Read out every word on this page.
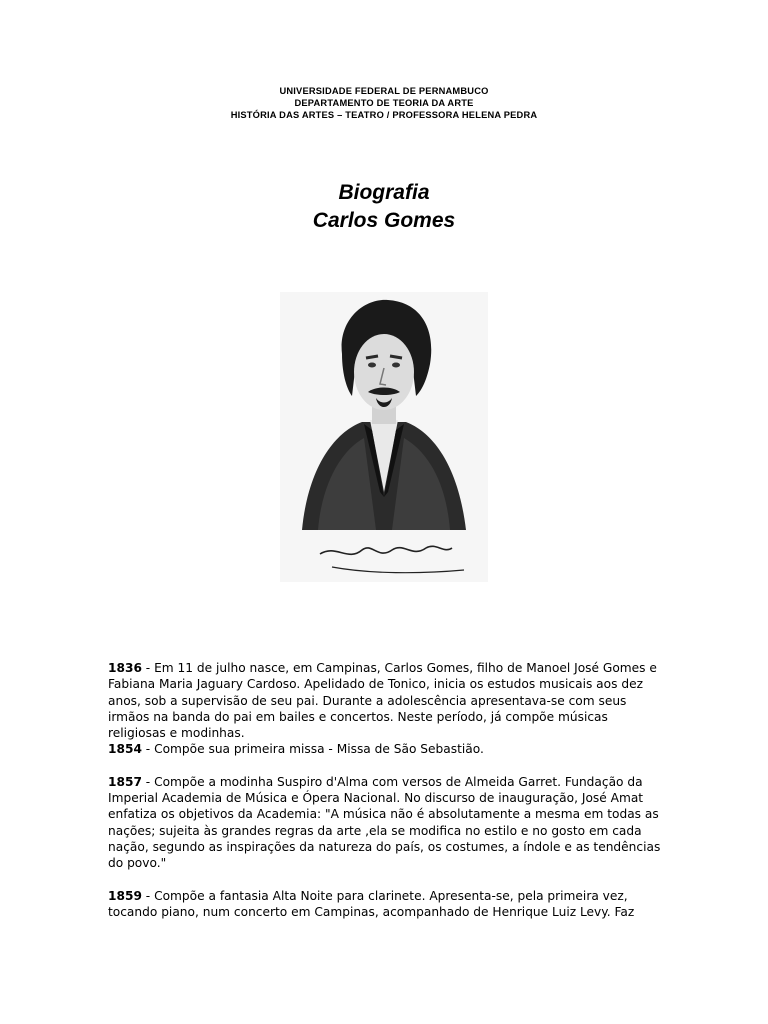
UNIVERSIDADE FEDERAL DE PERNAMBUCO
DEPARTAMENTO DE TEORIA DA ARTE
HISTÓRIA DAS ARTES – TEATRO / PROFESSORA HELENA PEDRA
Biografia
Carlos Gomes

1836 - Em 11 de julho nasce, em Campinas, Carlos Gomes, filho de Manoel José Gomes e Fabiana Maria Jaguary Cardoso. Apelidado de Tonico, inicia os estudos musicais aos dez anos, sob a supervisão de seu pai. Durante a adolescência apresentava-se com seus irmãos na banda do pai em bailes e concertos. Neste período, já compõe músicas religiosas e modinhas.

1854 - Compõe sua primeira missa - Missa de São Sebastião.

1857 - Compõe a modinha Suspiro d'Alma com versos de Almeida Garret. Fundação da Imperial Academia de Música e Ópera Nacional. No discurso de inauguração, José Amat enfatiza os objetivos da Academia: "A música não é absolutamente a mesma em todas as nações; sujeita às grandes regras da arte ,ela se modifica no estilo e no gosto em cada nação, segundo as inspirações da natureza do país, os costumes, a índole e as tendências do povo."

1859 - Compõe a fantasia Alta Noite para clarinete. Apresenta-se, pela primeira vez, tocando piano, num concerto em Campinas, acompanhado de Henrique Luiz Levy. Faz
